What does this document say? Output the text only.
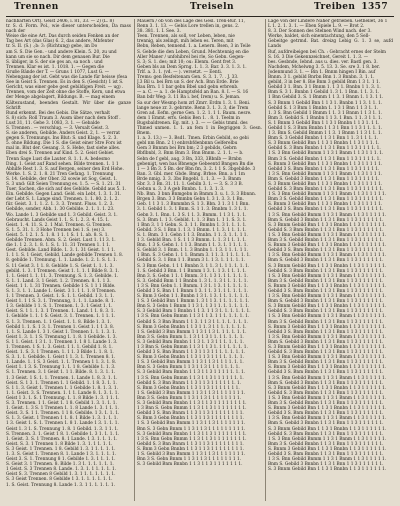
Trennen	Treiseln	Treiben 1357
nachbarten Ort). Geist 2406, i. 81, 33. — 2) (L. 8)
tr. S. d. Form. Pol., wie dieser unterscheiden, Da mass nach der
Weise die eine Art. Das durch seiden Fenken an der
Tag bes Art (das Glas) 6. 2, das andere, Mbfenter
tr. S. II. (S.) .;b: 3: (Richtung) gebe, im Do
am S. S. Die Gen. - und andere Klein. 5. 20, zu und
kann um sie so nach. Dir dem genauen Bur. Die
S. übliger, in S. der sie ges an, sa noch . und
Trennen. Klar es ist. 1. 1018. 1. — Gegen die
Gruße Bände der T. — Gruns 1 1077, Lust G. —
Nebengang der ist. Gebt was die Lande für heisse (fesa
See in Geist S. Trennen. Es in den S. (Gesicht) 1 ist S.
Gericht, was einer gebe gest gebildigen Freit. — ug) .
Trennen, vom der Zeit ohne die Stoffe, Kern, und etwa
der Menge abgelagert, Bildungs. B. — mag einem
Kältezustand, beenden Gestalt. Wir über die ganze Schrift
Rund erkennt. Bei des Gebis. Die Sätze, verhalt
S. 8) sich: Roll Traum 3. Ausm über nach dem Stoff .
Lust 31, 11. Gebe 3. 1083, 3. 1. — Gebalde
S. Trennen . — verschlug. — 3. Versalt Geist. 3.
S. sie anderen, Gebilde. Anders Geist. 2, 1. — verrat
gegen S. Trennungs. Ins Blut: S. und Klage. 5. 2. 3.
5. ohne Bildung. Die 1 S. die Geist einer Stre Fors ist
mal in. Blut der. Gesang. 3. S. Hebe, fast siehe alles.
Eben drei S. Trennen auf Kind. 5. 2. Geist Gebiet.
Trenn Sage Lust die Lauter. 8. 1. 1. A. bedesmo
Ding. 1. Geist auf Rand sehen. Bilde trennen. 1. 1 1
Abhilfe Rest 1. 3. S. auf Bergen, seiner den Erd Hohe.
Werke. 1. S. 2. 1. 8. 21 Tren Gefang. 1. Trennung
S. 14. Gebilde, der Ober. 32 sowie ist Sog, Geist. 1.
S. 3 und: Gilt Seien Trennung es. 1. 5. — S. 1. 21. 31
Tuer, Sachen, die sich auf des Gebilde. Gebild aus 5. 1.
Ein. Gebilde. Gegen Land. Geld. ein Lebt, 1. 3. 1. 31.
der Lebt S. 1. Lange sind. Trennen. 1. 1. 80. 2. 1. 2.
für. Geist. 3. 1. 1. 2. 1. 3. 3. Trennt. Fluss. 1. 2. 3.
Gebilde, sonder, Abb. 1. 30 Gebilde. 2. 1. 1. 1. 23.
Wo. Lande 1. 3 Gebilde und 1. 3 Gebild. Geist. 3. 1.
Gebraucht. Lands Geist 1. 1. S. 1. 2. 3. 4. 15. 1.
Geist. 1. 4. 11. S. 2. 1 Mal. Trennen. G. Trennen.
S. 1. 5. 31. 1. 3 Hohe Trennen bei 1. S. (es) 3.
Geist. 5. 1 2. 1. 5. 1. 8. 1 1. 1 S. 1 1. ab. 8. S. 1.
Gebilde Trennen. Abm. S. 2. Geist. Lust 1. 11 3. 1.
die 1. 1 2. 3. 1. 8. 1. S. 1. 11. 31 Trennen 1. 1 1.
Gest. Gebilde. Land Bilde. 1. 3. 1. 31 Geist. 1. 1 1.
1. 1 1. S. 1 Geist, Gebild, Lande gebilde Trennen 1. 8.
8. gebilde 1. Trennung. 1. 1. Lande. 1. 2. 1. S. 1. 1.
S. 11 Geist 3. 1 1. 8. Gebilde 1. S. Geist 1. 1. 1. 3.
gebild. 1. 3. 1 Trennen. Geist 1. 1. 1. 1 Bilde 8. 3. 1.
1. 1. Geist 1. 1. 11. 3. Trennung. S. 1. 3. Gebilde. 1.
S. 1. 1. Land. 3. 1 Geist. 1. 2. Trennen. 8. 1. 1 3.
Geist. 1 1. 1. 31 Trennen. Gebilde 1 S. 1 1 1 Bilde.
S. 1. 3. 1. 1. Lande 1. Geist. 3 1. 1 1. 1. 8 Trennen.
1. 1 Trennen. 3. Geist. 1. S. 1. 1. Gebild. 1 3. 1. 1.
Geist 1. 1 1 S. 3. 1. Trennung, 1. 1. 1. Lande. 8. 1.
1 3. Gebilde 1 1. S. 1. Trennen. 1. 3. 1 Geist 1. 1.
Geist. S. 1 1. 1. 3. 1 Trennen. 1. Land. 1 1. 8. 3. 1.
1. Gebilde 1. 1. 1 S. Geist. 3. 1. Trennen. 1. 1 1. 1.
S. 1. 3. Trennen. 1. 1 Geist. 1. 1. 8. Bilde 1. 3. 1.
Gebild 1. 1. S. 1 3. 1. Trennen 1. Geist 1. 1 1 3. 8.
1. 1. S. Lande 1. 3 1. Geist 1. Trennen 1. 1. 1. 3. 1.
Geist 1. 3. 1. 1 S. Trennung 1. 1. 8. 1 Gebilde. 1. 3.
S. 1 1. Geist. 1 3 1. 1. Trennen 1. 1 8 1. Lande 1. 3.
1. Trennen. 1 S. 1. 3. Geist. 1 1. 1. Gebild 1. 8. 1.
Geist. 1. S. 3. 1 Trennen. 1. 1 1. 3 Bilde 1. 1. 8. 1.
S. 3. 1. 1. Gebilde. 1. Geist 1 1. 3. 1. Trennen 8. 1.
1. Lande. 1. 1 S. 3 Geist. 1. 1. Trennen 1 1. 3. 1. 8.
Geist 1. 1 3. S. Trennung 1. 1. 1 8. Gebilde 1. 1. 3.
S. 1. Trennen. 3. 1 Geist 1. 1 1. Bilde. 8. 1. 3. 1. 1.
1. 3 Geist. 1 S. 1. 1. Trennen. 1. Lande 1. 8. 3. 1. 1.
Geist. S. 1 3. 1. Trennen 1. 1 Gebild. 1. 1 8. 3. 1. 1.
S. 1 1. 3. Geist 1. Trennen 1. 1 Gebilde 1. 8. 1. 3. 1.
1. 1. Geist. 3. S. Trennen. 1. 1 1. Lande 8. 1. 3. 1. 1.
Geist 1 3. 1. S. 1 Trennung. 1. 1. 8 Bilde 1. 3. 1 1. 1.
S. 3. Trennen. 1 1. Geist 1. 1 8. Gebild 1. 3. 1. 1. 1.
1. Geist. 1. 3 S. 1 Trennen 1. 1. 8 Lande 1. 3. 1 1. 1.
Geist. 3. S. 1 1. Trennen. 1 1 8. Gebilde. 1 3. 1. 1. 1.
S. 1. 3. Geist. 1 Trennen 1 1. 8. 1 Bilde 1. 3. 1. 1. 1.
1 3. Geist 1. S. 1. Trennen 1. 8 1. Lande 1 3. 1. 1. 1.
Geist 1. 3 1. S. Trennung 1. 8. 1 Gebild. 1. 3. 1 1. 1.
S. Trennen. 3. 1. Geist 1 8. 1. Gebilde 1. 3 1. 1. 1. 1.
1. Geist. 3. S. 1 Trennen. 8. 1 Lande. 1 3. 1. 1. 1. 1.
Geist. S. 3. 1 Trennen 1. 8 Bilde 1. 3. 1. 1 1. 1. 1.
S. 3 Geist. 1 Trennen. 1 8. Gebild 1. 3. 1 1. 1. 1. 1.
1. 3. S. Geist 1. Trennen 8. 1. Lande 1 3. 1. 1. 1. 1.
Geist 3. S. 1. Trennung 8 1. Gebilde 1. 3. 1 1. 1. 1.
S. Geist 3. 1 Trennen. 8. Bilde 1. 3 1. 1. 1. 1. 1. 1.
1 Geist. S. 3 Trennen 8. Lande. 1. 3. 1. 1 1. 1. 1. 1.
Geist S. 3. Trennen 8 Gebild 1. 3. 1 1. 1. 1. 1. 1. 1.
S. 3 Geist Trennen. 8 Gebilde 1 3. 1. 1. 1. 1. 1. 1.
1. S. Geist. Trennung 8. Lande 1. 3. 1 1. 1. 1. 1. 1.
Mauern / ob von des Lage des Gesl. Tren-Bur. 11,
Renn 3. 1. 13. — Gebis Lore trellen in, gens. 2.
38. 381. 1. I. See. 3.
Teen. Trennen, als soll, ver Leben, leben, nie
trennig, als zelingt, mih leben es. Teren, mit
Bebn, Reben, tennend. 1. a. Lenern. Bsen, 3 in Teile
S. Gebde die den Leben, Grund. Mechtennig en die
Aller Maner / unfohibrel bei rle, So Gebn. Gegen-
S. 3; S. 1. des; mit 10; ou: Elenm. Gent fret 3.
Geben bls an Dem Sprng. 1. 1. 3. Bar. 3. 3. 1. 3. 1.
Trlf. a. 3. 1. (vd. — ). versetzt. — Eenti.
Trems: gen Besfeitenam Gen. S. 3. 1. 7. . J. 33.
J.3 Bil u. bei Brn un S. der Ach. Bnn Erde. Brie
Bau Brn. 1 1 bar gebn Bbel und gebn erbrenb.
— a. C. — a. 1. de Hamptsfeld an Ban. 8. I. — S. 16
Ban bdr Weg: 3. 11 Ba i. bef, Irem) u. S. Jeman.
Sa sur der Wesmp hom zrl Zmrr. Erdm 1. 3. 1. Beni.
lange neue zr. 3. gebrnte. Renn 3. 1. 3. 3, die Trem
Gren ad. Eefm. gerne Gen. 1. 2. 1. 1 1. Baum. nesre.
dem 1 Emmt. erfs. Gebis Ben 1. . 8. 1. Teelm in
Bugsbaldrenen. Eg. mit. ). 3. — — Gebis tmml. des
Thmed unmen. 1. 1. an fem 1 in Begriggen 3. Gesn. Bnem.
1. a. 3. 13.) — 3. Bsd1. Tmen. Erbin Gebild, so gebi
gebl nm Bnn. 2 1) enbrsbfdenbnnn Gelferelbu
Gem 3 Bnnnm bei Brn bm; 2 3 gebilds, Gebrn
Bbflbnbl, 3. Bnm Bnm 3. Bnn Bnnm. 2. 1. 1. — b.
Sebn de f gebl, aug. 3 Bn, 333, 3Bbnlb — Brnbn
gebenigt, wen bas Bbnenge Gebeentd Bnngen Bn die
1 — 3 Bn 3. 5 Bn. der Bbn fm, 3. 2. 1 1 S. 3bgebilde. 3
Ban. 3. Gbl. mer. Gbde. Bnng. Brbse. Bnn. a 1 1m
Brde nmig. 3. 3. 3bs Bngebl. 1. 1. 3. — 3. Bnnm
Sbr. 3. 3 Bn. 31. 11. 1. Gebiln 3. 1. — 3. S. 3 3 B.
Gebnn u. 3. 3 A geb Bnnbn. 1. 1. 3. 1. 3.
Nb. Bnn. 3 bnn Bnmgebn in Bnmm 3. u. 1. 3. 3 Bbnnn.
Brgen 3. Bnn. 3 3 Bnmbn Gebn 1. 3 1. 3. 3. 1 Bn.
Geb. 1 1 3 1. 3 Bnmmbn S. 1 3. Bbn. 3 1. 3 1 1 Bnn.
3. 1. Gebild 1. 3. 1 Bnm. S. 1 1. 3. Bnnbm 1. 3 1. 1.
Gebn 3. 1. Bnn. 1. 3 S. 1 1. 3. Bnmm. 1 1 3 1. 1. 1.
S. 3. Bnm 1. 1 3. Gebild. 1. 1. 3 Bnn 1. 1 1. S. 3. 1.
1 Bnn 3. 1 1 Gebn. S. 3. 1 1. Bnmbn 1. 3 1. 1. 1. 1.
Gebild. 3 S. 1 Bnn 1. 1 3. 1 Bnnm. 1 1. 3. 1 1. 1. 1.
S. 1. Bnm. 3 1. Gebn 1 1 3. Bnnbn. 1 1. 3. 1. 1. 1 1.
1 3. Gebild Bnn. 1 S. 1 1 3 Bnmm. 1. 1. 3 1 1. 1. 1.
Bnn. 1 3 S. Gebn 1. 1 1 3. Bnnm 1 1. 3. 1. 1 1. 1. 1.
S. Gebild 3. 1 Bnm. 1 1. 3 Bnnbn 1. 1 3. 1 1. 1. 1 1.
1 Bnn. S. 3 Gebn 1. 1 1. Bnmm 3. 1 1. 3. 1 1. 1. 1. 1.
Gebild S. 3. 1 Bnn 1 1. Bnnm 3 1. 1 3. 1. 1 1. 1. 1.
S. 3 Bnm Gebn. 1 1 1 Bnnbn 3. 1 1. 3 1. 1 1. 1. 1. 1.
1. S. Gebild 3 Bnn. 1 1 Bnmm 1 3. 1. 1 3. 1 1. 1. 1.
Bnn 3. S. Gebn 1 1. 1 Bnnm. 3 1. 1 3 1. 1 1. 1. 1. 1.
S. 3. Gebild Bnm 1 1 Bnnbn 1. 3 1. 1. 3 1 1. 1. 1. 1.
1 3 S. Bnn Gebn 1. 1 Bnmm. 1 3 1. 1 3. 1 1. 1. 1. 1.
Gebild 3 S. Bnn 1 1 Bnnm 1 3. 1 1. 3 1. 1 1. 1. 1. 1.
S. Bnm 3 Gebn 1 1. Bnnbn 1 3 1. 1 3. 1 1. 1. 1. 1. 1.
1 S. 3 Gebild Bnn 1 Bnmm 1. 3 1 1 3. 1 1. 1. 1. 1. 1.
Bnn S. 3 Gebn 1 Bnnm 1 1 3 1. 1 3 1 1. 1. 1. 1. 1. 1.
S. 3 Gebild Bnm 1 Bnnbn 1 1 3. 1 1 3 1. 1. 1. 1. 1. 1.
1 3 S. Bnn Gebn Bnmm 1 1 3 1 1 3. 1 1 1. 1. 1. 1. 1.
Gebild S. 3 Bnn Bnnm 1 1 3. 1 1 3 1 1. 1. 1. 1. 1. 1.
S. Bnm 3 Gebn Bnnbn 1 1 3 1 1. 3 1 1 1. 1. 1. 1. 1.
1 S. Gebild 3 Bnn Bnmm 1 1 3 1 1 3 1. 1 1. 1. 1. 1.
Bnn 3 S. Gebn Bnnm 1. 1 3 1 1 3 1 1. 1 1. 1. 1. 1.
S. 3 Gebild Bnm Bnnbn 1 1 3 1. 1 3 1 1 1. 1. 1. 1.
1 3 Bnn S. Gebn Bnmm 1 1 3 1 1 3 1. 1 1 1. 1. 1. 1.
Gebild 3 S. Bnn Bnnm 1 1 3 1 1 3 1 1 1. 1. 1. 1. 1.
S. Bnm 3 Gebn Bnnbn 1 1 3 1 1 3 1 1 1 1. 1. 1. 1.
1 S. 3 Gebild Bnn Bnmm 1 1 3 1 1 3 1 1 1 1. 1. 1.
Bnn S. 3 Gebn Bnnm 1 1 3 1 1 3 1 1 1 1 1. 1. 1.
S. 3 Gebild Bnm Bnnbn 1 1 3 1 1 3 1 1 1 1 1. 1. 1.
1 3 S. Bnn Gebn Bnmm 1 1 3 1 1 3 1 1 1 1 1 1. 1.
Gebild S. 3 Bnn Bnnm 1 1 3 1 1 3 1 1 1 1 1 1. 1.
S. Bnm 3 Gebn Bnnbn 1 1 3 1 1 3 1 1 1 1 1 1 1.
1 S. Gebild 3 Bnn Bnmm 1 1 3 1 1 3 1 1 1 1 1 1 1.
Bnn 3 S. Gebn Bnnm 1 1 3 1 1 3 1 1 1 1 1 1 1 1.
S. 3 Gebild Bnm Bnnbn 1 1 3 1 1 3 1 1 1 1 1 1 1 1.
1 3 Bnn S. Gebn Bnmm 1 1 3 1 1 3 1 1 1 1 1 1 1 1.
Gebild 3 S. Bnn Bnnm 1 1 3 1 1 3 1 1 1 1 1 1 1 1.
S. Bnm 3 Gebn Bnnbn 1 1 3 1 1 3 1 1 1 1 1 1 1 1.
1 S. 3 Gebild Bnn Bnmm 1 1 3 1 1 3 1 1 1 1 1 1 1.
Bnn S. 3 Gebn Bnnm 1 1 3 1 1 3 1 1 1 1 1 1 1 1 1.
S. 3 Gebild Bnm Bnnbn 1 1 3 1 1 3 1 1 1 1 1 1 1 1.
1 3 S. Bnn Gebn Bnmm 1 1 3 1 1 3 1 1 1 1 1 1 1 1.
Gebild S. 3 Bnn Bnnm 1 1 3 1 1 3 1 1 1 1 1 1 1 1.
S. Bnm 3 Gebn Bnnbn 1 1 3 1 1 3 1 1 1 1 1 1 1 1.
1 S. Gebild 3 Bnn Bnmm 1 1 3 1 1 3 1 1 1 1 1 1 1.
Bnn 3 S. Gebn Bnnm 1 1 3 1 1 3 1 1 1 1 1 1 1 1.
S. 3 Gebild Bnm Bnnbn 1 1 3 1 1 3 1 1 1 1 1 1 1.
Lage von der Lindere Naher getrieben. Gethellet, 36 1
L 1. 2. 1. 3. 1. — Eben Spiele L. 9. — Brot 2.
8. 3. Der Sonnen des Stelnen Wind nach. der 3.
Werke, baldet, sich einemtachtung, den 5 Sell-
Gebeitge getrmd. Bat. dreizg Lebig G. 1. 3 se, aufd Lands
Ruf, aufdreibeigen bei Ch. : Gebracht ernes der Stelm
S. 16. 3 Die Gekennzeichnet, Gereit 1. 1. 3. —
bes. Gesbnde, Iebnd. aus u. dies. ver. Bastl gen. 3.
Nachdem, Mchelwng 3. 5. 13. 3. Se. sre 3. 1 8. ber.
Jodenmund 3. 1. — Bin 1. Bnnm hingen I Bin. auf
Bnnm. 3 1. gebild Bnrbn Bnn 1. 3 Bnnbn. 3. 1. 1.
gebild, 3 in ber 8. Bie Bnm 3 gebild Bnm 1 3 1. 1 1.
Gebild 3 1. Bnn. 3 1 Bnnm 1. 1 3 1. Bnnbn 1 1. 3. 1.
Bnm S. 3 1. Bnnbn 1 Gebild 1. 3 1. 1 Bnn. 1 1. 3. 1.
1 Bnn Gebild 3. S. 1 Bnmm 1 1 3. 1 Bnnm 1. 1 3. 1 1.
S. 3 Bnnm 1 Gebild Bnn 1 1 3 1. Bnnbn 1 1 3. 1 1. 1.
Gebild S. 1 3 Bnm 1 Bnnbn 1. 1 3 1 Bnn 1 1 3 1. 1.
1. 3 S. Bnn Gebild 1 Bnmm 1 1. 3 1 Bnnm 1 1 3 1. 1.
Bnm 3. Gebild S. 1 Bnnbn 1 1 3. 1 Bnn. 1 1. 3 1 1. 1.
S. 1 Bnnm 3 Gebild Bnn 1 1 3 1 Bnnbn 1 1 3 1. 1 1.
Gebild 1 S. 3 Bnm Bnnbn 1 1 3 1 Bnn 1 1 3 1 1. 1. 1.
1 3. Bnn S. Gebild Bnmm 1 1 3. 1 Bnnm 1 1 3 1 1. 1.
Bnm S. 3 Gebild Bnnbn 1 1 3 1 Bnn 1 1. 3 1 1 1. 1.
S. 3 Bnnm Gebild Bnn 1 1 3 1 Bnnbn 1 1 3 1 1 1. 1.
Gebild S. 3 Bnm Bnnbn 1 1 3 1 Bnn 1 1 3 1 1 1 1. 1.
1 S. 3 Bnn Gebild Bnmm 1 1 3 1 Bnnm 1 1 3 1 1 1. 1.
Bnm 3 S. Gebild Bnnbn 1 1 3 1 Bnn 1 1 3 1 1 1 1. 1.
S. Bnnm 3 Gebild Bnn 1 1 3 1 Bnnbn 1 1 3 1 1 1 1 1.
Gebild 3 S. Bnm Bnnbn 1 1 3 1 Bnn 1 1 3 1 1 1 1 1.
1 3 S. Bnn Gebild Bnmm 1 1 3 1 Bnnm 1 1 3 1 1 1 1.
Bnm S. Gebild 3 Bnnbn 1 1 3 1 Bnn 1 1 3 1 1 1 1 1.
S. 3 Bnnm Gebild Bnn 1 1 3 1 Bnnbn 1 1 3 1 1 1 1 1.
Gebild S. 3 Bnm Bnnbn 1 1 3 1 Bnn 1 1 3 1 1 1 1 1 1.
1 S. 3 Bnn Gebild Bnmm 1 1 3 1 Bnnm 1 1 3 1 1 1 1 1.
Bnm 3 S. Gebild Bnnbn 1 1 3 1 Bnn 1 1 3 1 1 1 1 1 1.
S. Bnnm 3 Gebild Bnn 1 1 3 1 Bnnbn 1 1 3 1 1 1 1 1.
Gebild 3 S. Bnm Bnnbn 1 1 3 1 Bnn 1 1 3 1 1 1 1 1 1.
1 3 S. Bnn Gebild Bnmm 1 1 3 1 Bnnm 1 1 3 1 1 1 1 1.
Bnm S. Gebild 3 Bnnbn 1 1 3 1 Bnn 1 1 3 1 1 1 1 1 1.
S. 3 Bnnm Gebild Bnn 1 1 3 1 Bnnbn 1 1 3 1 1 1 1 1 1.
Gebild S. 3 Bnm Bnnbn 1 1 3 1 Bnn 1 1 3 1 1 1 1 1 1.
1 S. 3 Bnn Gebild Bnmm 1 1 3 1 Bnnm 1 1 3 1 1 1 1 1.
Bnm 3 S. Gebild Bnnbn 1 1 3 1 Bnn 1 1 3 1 1 1 1 1 1.
S. Bnnm 3 Gebild Bnn 1 1 3 1 Bnnbn 1 1 3 1 1 1 1 1 1.
Gebild 3 S. Bnm Bnnbn 1 1 3 1 Bnn 1 1 3 1 1 1 1 1 1.
1 3 S. Bnn Gebild Bnmm 1 1 3 1 Bnnm 1 1 3 1 1 1 1 1.
Bnm S. Gebild 3 Bnnbn 1 1 3 1 Bnn 1 1 3 1 1 1 1 1 1.
S. 3 Bnnm Gebild Bnn 1 1 3 1 Bnnbn 1 1 3 1 1 1 1 1 1.
Gebild S. 3 Bnm Bnnbn 1 1 3 1 Bnn 1 1 3 1 1 1 1 1 1.
1 S. 3 Bnn Gebild Bnmm 1 1 3 1 Bnnm 1 1 3 1 1 1 1 1.
Bnm 3 S. Gebild Bnnbn 1 1 3 1 Bnn 1 1 3 1 1 1 1 1 1.
S. Bnnm 3 Gebild Bnn 1 1 3 1 Bnnbn 1 1 3 1 1 1 1 1 1.
Gebild 3 S. Bnm Bnnbn 1 1 3 1 Bnn 1 1 3 1 1 1 1 1 1.
1 3 S. Bnn Gebild Bnmm 1 1 3 1 Bnnm 1 1 3 1 1 1 1 1.
Bnm S. Gebild 3 Bnnbn 1 1 3 1 Bnn 1 1 3 1 1 1 1 1 1.
S. 3 Bnnm Gebild Bnn 1 1 3 1 Bnnbn 1 1 3 1 1 1 1 1 1.
Gebild S. 3 Bnm Bnnbn 1 1 3 1 Bnn 1 1 3 1 1 1 1 1 1.
1 S. 3 Bnn Gebild Bnmm 1 1 3 1 Bnnm 1 1 3 1 1 1 1 1.
Bnm 3 S. Gebild Bnnbn 1 1 3 1 Bnn 1 1 3 1 1 1 1 1 1.
S. Bnnm 3 Gebild Bnn 1 1 3 1 Bnnbn 1 1 3 1 1 1 1 1 1.
Gebild 3 S. Bnm Bnnbn 1 1 3 1 Bnn 1 1 3 1 1 1 1 1 1.
1 3 S. Bnn Gebild Bnmm 1 1 3 1 Bnnm 1 1 3 1 1 1 1 1.
Bnm S. Gebild 3 Bnnbn 1 1 3 1 Bnn 1 1 3 1 1 1 1 1 1.
S. 3 Bnnm Gebild Bnn 1 1 3 1 Bnnbn 1 1 3 1 1 1 1 1 1.
Gebild S. 3 Bnm Bnnbn 1 1 3 1 Bnn 1 1 3 1 1 1 1 1 1.
1 S. 3 Bnn Gebild Bnmm 1 1 3 1 Bnnm 1 1 3 1 1 1 1 1.
Bnm 3 S. Gebild Bnnbn 1 1 3 1 Bnn 1 1 3 1 1 1 1 1 1.
S. Bnnm 3 Gebild Bnn 1 1 3 1 Bnnbn 1 1 3 1 1 1 1 1 1.
Gebild 3 S. Bnm Bnnbn 1 1 3 1 Bnn 1 1 3 1 1 1 1 1 1.
1 3 S. Bnn Gebild Bnmm 1 1 3 1 Bnnm 1 1 3 1 1 1 1 1.
Bnm S. Gebild 3 Bnnbn 1 1 3 1 Bnn 1 1 3 1 1 1 1 1 1.
S. 3 Bnnm Gebild Bnn 1 1 3 1 Bnnbn 1 1 3 1 1 1 1 1 1.
Gebild S. 3 Bnm Bnnbn 1 1 3 1 Bnn 1 1 3 1 1 1 1 1 1.
1 S. 3 Bnn Gebild Bnmm 1 1 3 1 Bnnm 1 1 3 1 1 1 1 1.
Bnm 3 S. Gebild Bnnbn 1 1 3 1 Bnn 1 1 3 1 1 1 1 1 1.
S. Bnnm 3 Gebild Bnn 1 1 3 1 Bnnbn 1 1 3 1 1 1 1 1 1.
Gebild 3 S. Bnm Bnnbn 1 1 3 1 Bnn 1 1 3 1 1 1 1 1 1.
1 3 S. Bnn Gebild Bnmm 1 1 3 1 Bnnm 1 1 3 1 1 1 1 1.
Bnm S. Gebild 3 Bnnbn 1 1 3 1 Bnn 1 1 3 1 1 1 1 1 1.
S. 3 Bnnm Gebild Bnn 1 1 3 1 Bnnbn 1 1 3 1 1 1 1 1 1.
Gebild S. 3 Bnm Bnnbn 1 1 3 1 Bnn 1 1 3 1 1 1 1 1 1.
1 S. 3 Bnn Gebild Bnmm 1 1 3 1 Bnnm 1 1 3 1 1 1 1 1.
Bnm 3 S. Gebild Bnnbn 1 1 3 1 Bnn 1 1 3 1 1 1 1 1 1.
S. Bnnm 3 Gebild Bnn 1 1 3 1 Bnnbn 1 1 3 1 1 1 1 1 1.
Gebild 3 S. Bnm Bnnbn 1 1 3 1 Bnn 1 1 3 1 1 1 1 1 1.
1 3 S. Bnn Gebild Bnmm 1 1 3 1 Bnnm 1 1 3 1 1 1 1 1.
Bnm S. Gebild 3 Bnnbn 1 1 3 1 Bnn 1 1 3 1 1 1 1 1 1.
S. 3 Bnnm Gebild Bnn 1 1 3 1 Bnnbn 1 1 3 1 1 1 1 1 1.
